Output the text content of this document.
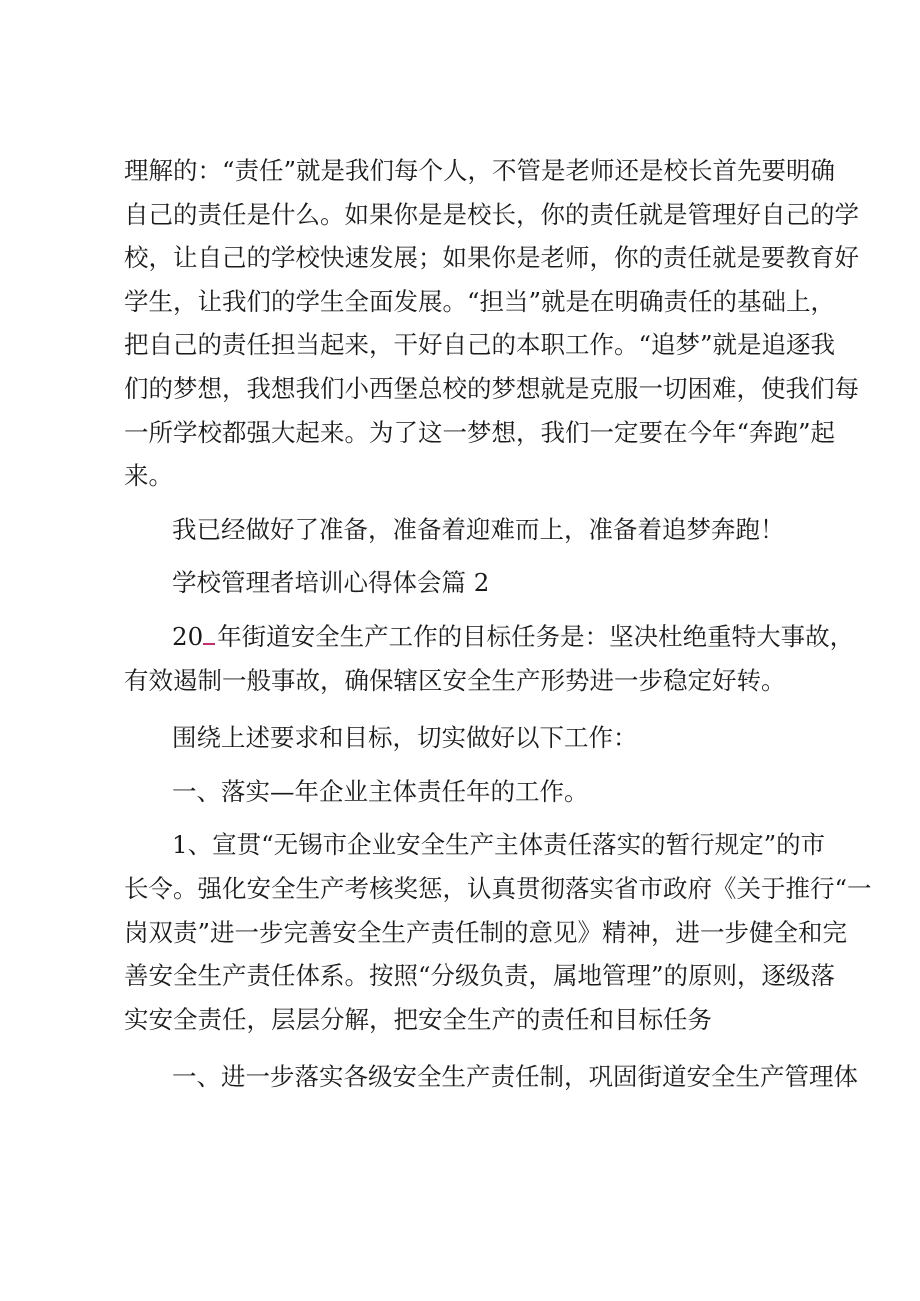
理解的：“责任”就是我们每个人，不管是老师还是校长首先要明确
自己的责任是什么。如果你是是校长，你的责任就是管理好自己的学
校，让自己的学校快速发展；如果你是老师，你的责任就是要教育好
学生，让我们的学生全面发展。“担当”就是在明确责任的基础上，
把自己的责任担当起来，干好自己的本职工作。“追梦”就是追逐我
们的梦想，我想我们小西堡总校的梦想就是克服一切困难，使我们每
一所学校都强大起来。为了这一梦想，我们一定要在今年“奔跑”起
来。
我已经做好了准备，准备着迎难而上，准备着追梦奔跑！
学校管理者培训心得体会篇 2
20 年街道安全生产工作的目标任务是：坚决杜绝重特大事故，
有效遏制一般事故，确保辖区安全生产形势进一步稳定好转。
围绕上述要求和目标，切实做好以下工作：
一、落实—年企业主体责任年的工作。
1、宣贯“无锡市企业安全生产主体责任落实的暂行规定”的市
长令。强化安全生产考核奖惩，认真贯彻落实省市政府《关于推行“一
岗双责”进一步完善安全生产责任制的意见》精神，进一步健全和完
善安全生产责任体系。按照“分级负责，属地管理”的原则，逐级落
实安全责任，层层分解，把安全生产的责任和目标任务
一、进一步落实各级安全生产责任制，巩固街道安全生产管理体
